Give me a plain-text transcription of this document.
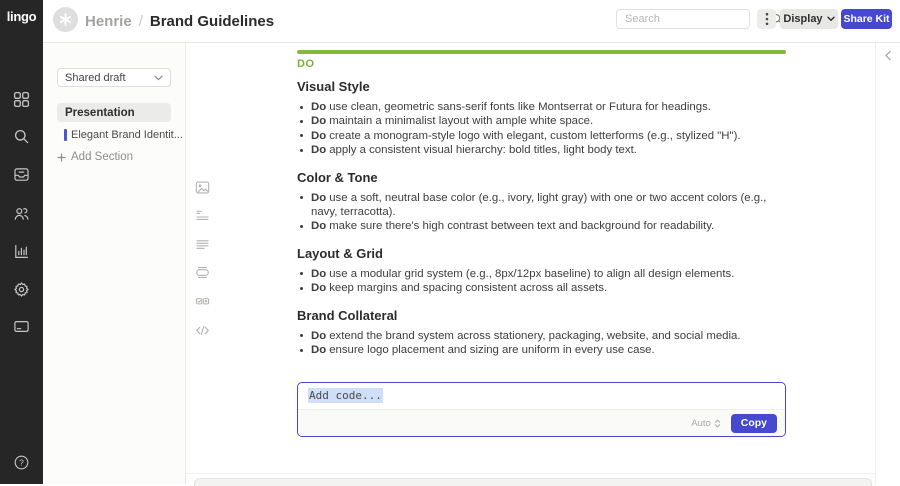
lingo
?
Henrie / Brand Guidelines
Search	Display Share Kit
Shared draft
Presentation
Elegant Brand Identit...
Add Section
DO
Visual Style
Do use clean, geometric sans-serif fonts like Montserrat or Futura for headings.
Do maintain a minimalist layout with ample white space.
Do create a monogram-style logo with elegant, custom letterforms (e.g., stylized "H").
Do apply a consistent visual hierarchy: bold titles, light body text.
Color & Tone
Do use a soft, neutral base color (e.g., ivory, light gray) with one or two accent colors (e.g., navy, terracotta).
Do make sure there's high contrast between text and background for readability.
Layout & Grid
Do use a modular grid system (e.g., 8px/12px baseline) to align all design elements.
Do keep margins and spacing consistent across all assets.
Brand Collateral
Do extend the brand system across stationery, packaging, website, and social media.
Do ensure logo placement and sizing are uniform in every use case.
Add code...
Auto	Copy
